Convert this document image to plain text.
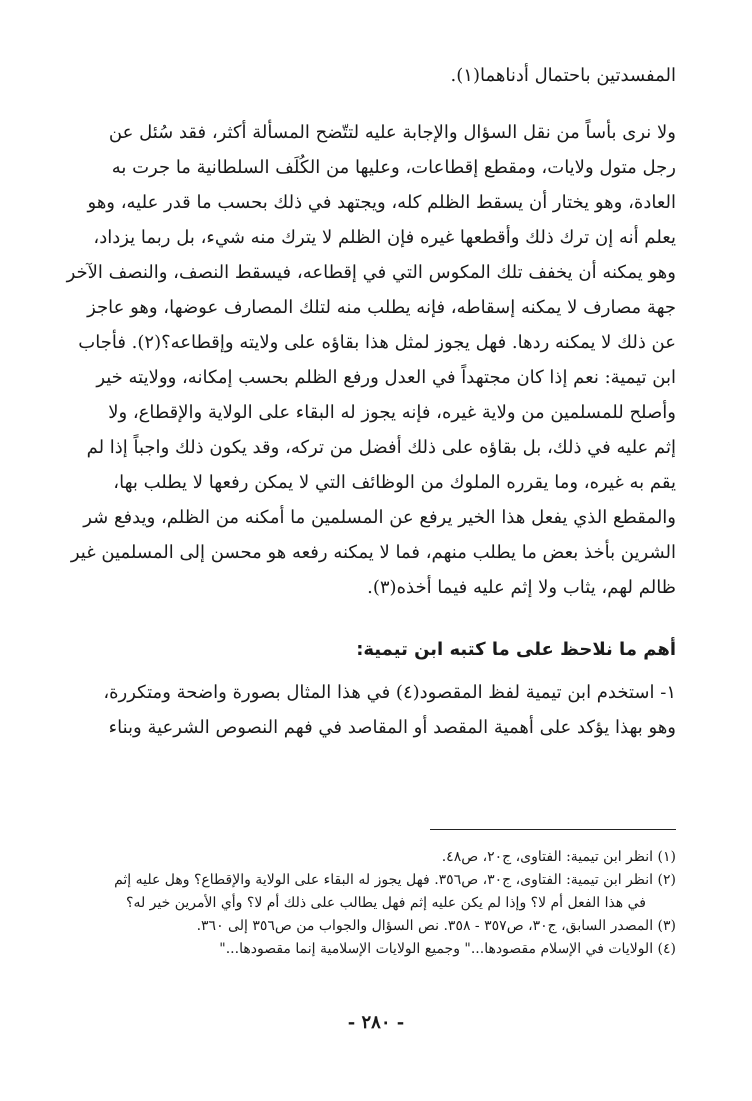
المفسدتين باحتمال أدناهما(١).

ولا نرى بأساً من نقل السؤال والإجابة عليه لتتّضح المسألة أكثر، فقد سُئل عن

رجل متول ولايات، ومقطع إقطاعات، وعليها من الكُلَف السلطانية ما جرت به

العادة، وهو يختار أن يسقط الظلم كله، ويجتهد في ذلك بحسب ما قدر عليه، وهو

يعلم أنه إن ترك ذلك وأقطعها غيره فإن الظلم لا يترك منه شيء، بل ربما يزداد،

وهو يمكنه أن يخفف تلك المكوس التي في إقطاعه، فيسقط النصف، والنصف الآخر

جهة مصارف لا يمكنه إسقاطه، فإنه يطلب منه لتلك المصارف عوضها، وهو عاجز

عن ذلك لا يمكنه ردها. فهل يجوز لمثل هذا بقاؤه على ولايته وإقطاعه؟(٢). فأجاب

ابن تيمية: نعم إذا كان مجتهداً في العدل ورفع الظلم بحسب إمكانه، وولايته خير

وأصلح للمسلمين من ولاية غيره، فإنه يجوز له البقاء على الولاية والإقطاع، ولا

إثم عليه في ذلك، بل بقاؤه على ذلك أفضل من تركه، وقد يكون ذلك واجباً إذا لم

يقم به غيره، وما يقرره الملوك من الوظائف التي لا يمكن رفعها لا يطلب بها،

والمقطع الذي يفعل هذا الخير يرفع عن المسلمين ما أمكنه من الظلم، ويدفع شر

الشرين بأخذ بعض ما يطلب منهم، فما لا يمكنه رفعه هو محسن إلى المسلمين غير

ظالم لهم، يثاب ولا إثم عليه فيما أخذه(٣).

أهم ما نلاحظ على ما كتبه ابن تيمية:

١- استخدم ابن تيمية لفظ المقصود(٤) في هذا المثال بصورة واضحة ومتكررة،

وهو بهذا يؤكد على أهمية المقصد أو المقاصد في فهم النصوص الشرعية وبناء

(١) انظر ابن تيمية: الفتاوى، ج٢٠، ص٤٨.

(٢) انظر ابن تيمية: الفتاوى، ج٣٠، ص٣٥٦. فهل يجوز له البقاء على الولاية والإقطاع؟ وهل عليه إثم

في هذا الفعل أم لا؟ وإذا لم يكن عليه إثم فهل يطالب على ذلك أم لا؟ وأي الأمرين خير له؟

(٣) المصدر السابق، ج٣٠، ص٣٥٧ - ٣٥٨. نص السؤال والجواب من ص٣٥٦ إلى ٣٦٠.

(٤) الولايات في الإسلام مقصودها..." وجميع الولايات الإسلامية إنما مقصودها..."

- ٢٨٠ -
